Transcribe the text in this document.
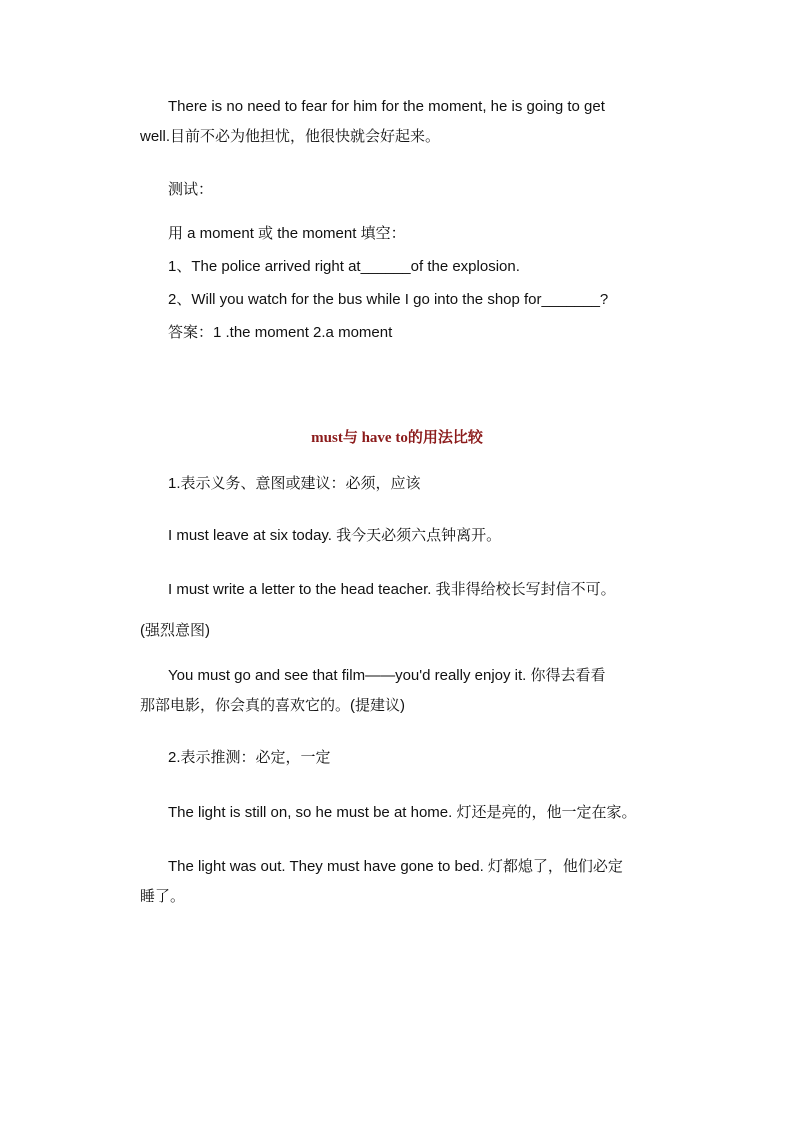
There is no need to fear for him for the moment, he is going to get
well.目前不必为他担忧，他很快就会好起来。
测试：
用 a moment 或 the moment 填空：
1、The police arrived right at______of the explosion.
2、Will you watch for the bus while I go into the shop for_______?
答案：1 .the moment 2.a moment
must与 have to的用法比较
1.表示义务、意图或建议：必须，应该
I must leave at six today. 我今天必须六点钟离开。
I must write a letter to the head teacher. 我非得给校长写封信不可。
(强烈意图)
You must go and see that film——you'd really enjoy it. 你得去看看
那部电影，你会真的喜欢它的。(提建议)
2.表示推测：必定，一定
The light is still on, so he must be at home. 灯还是亮的，他一定在家。
The light was out. They must have gone to bed. 灯都熄了，他们必定
睡了。
